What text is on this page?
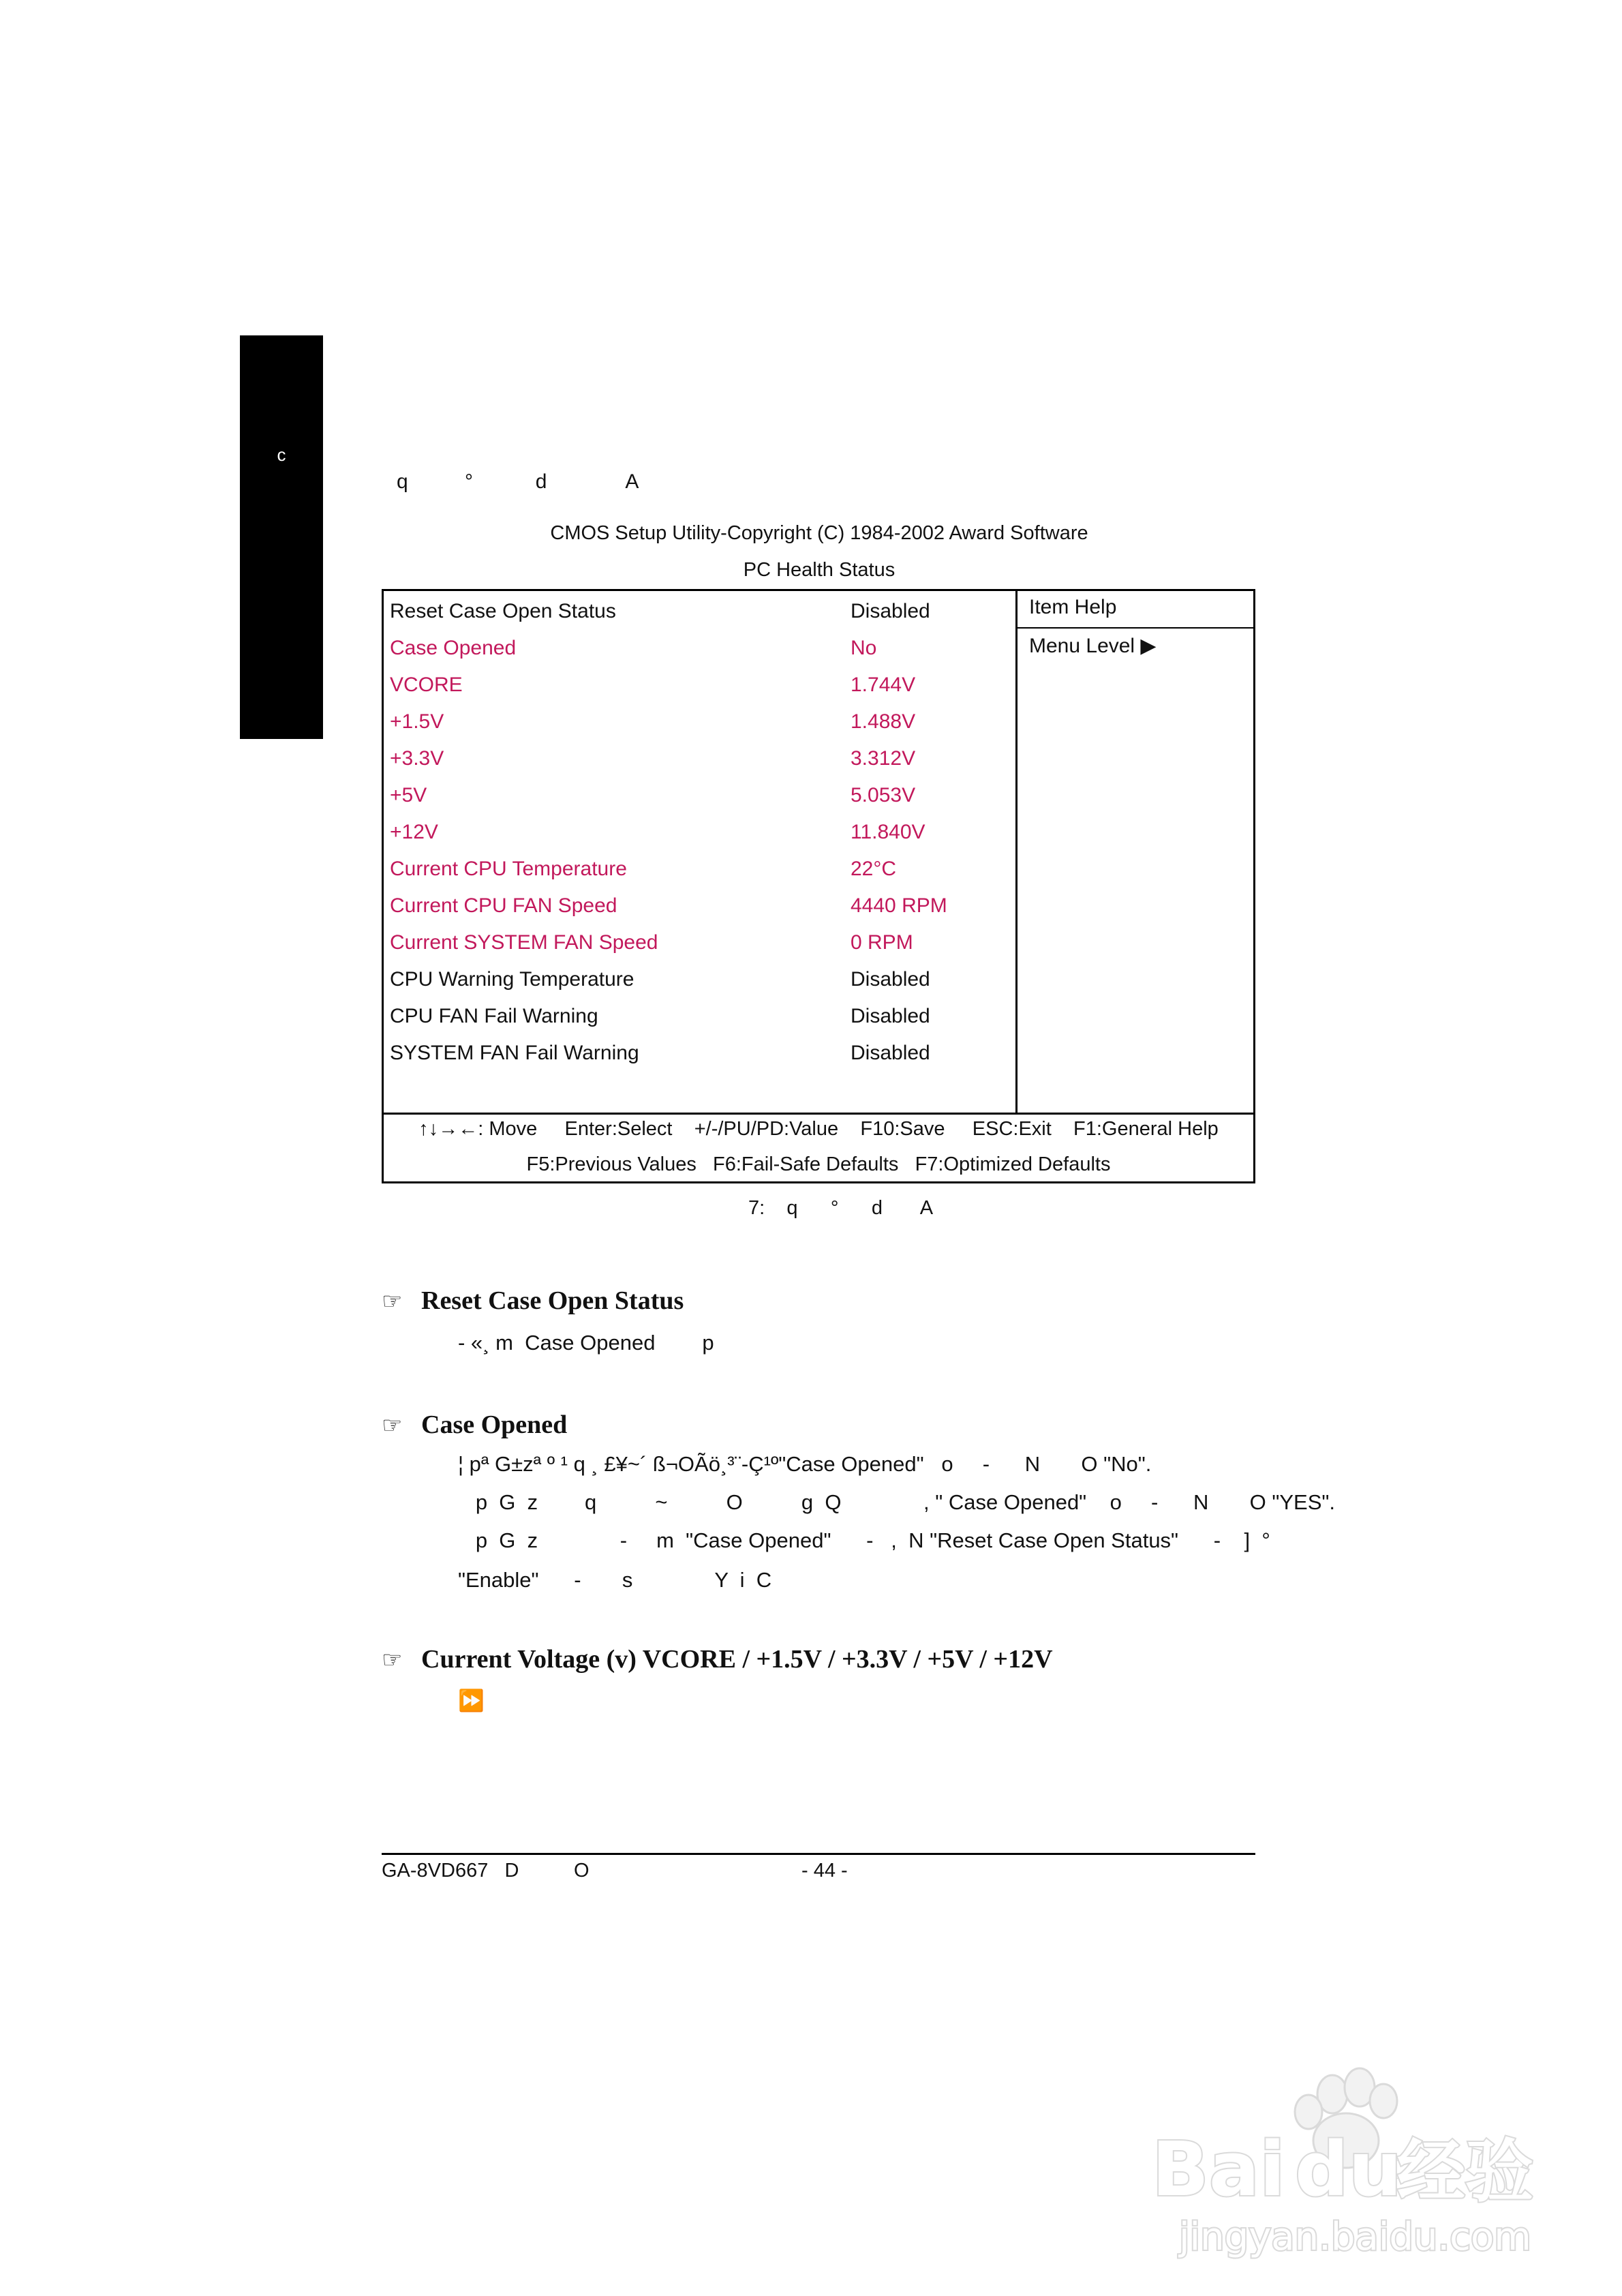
c
q          °           d              A
CMOS Setup Utility-Copyright (C) 1984-2002 Award Software
PC Health Status
Reset Case Open Status	Disabled
Case Opened	No
VCORE	1.744V
+1.5V	1.488V
+3.3V	3.312V
+5V	5.053V
+12V	11.840V
Current CPU Temperature	22°C
Current CPU FAN Speed	4440 RPM
Current SYSTEM FAN Speed	0 RPM
CPU Warning Temperature	Disabled
CPU FAN Fail Warning	Disabled
SYSTEM FAN Fail Warning	Disabled
Item Help
Menu Level ▶
↑↓→←: Move     Enter:Select    +/-/PU/PD:Value    F10:Save     ESC:Exit    F1:General Help
F5:Previous Values   F6:Fail-Safe Defaults   F7:Optimized Defaults
7:    q      °      d       A
☞ Reset Case Open Status
- «¸ m  Case Opened        p
☞ Case Opened
¦ pª G±zª º ¹ q ¸ £¥~´ ß¬OÃö¸³¨-Ç¹º"Case Opened"   o     -      N       O "No".
p  G  z        q          ~          O          g  Q              , " Case Opened"    o     -      N       O "YES".
p  G  z              -     m  "Case Opened"      -   ,  N "Reset Case Open Status"      -    ]  °
"Enable"      -       s              Y  i  C
☞ Current Voltage (v) VCORE / +1.5V / +3.3V / +5V / +12V
⏩
GA-8VD667   D          O	- 44 -
Bai du
经验
jingyan.baidu.com
